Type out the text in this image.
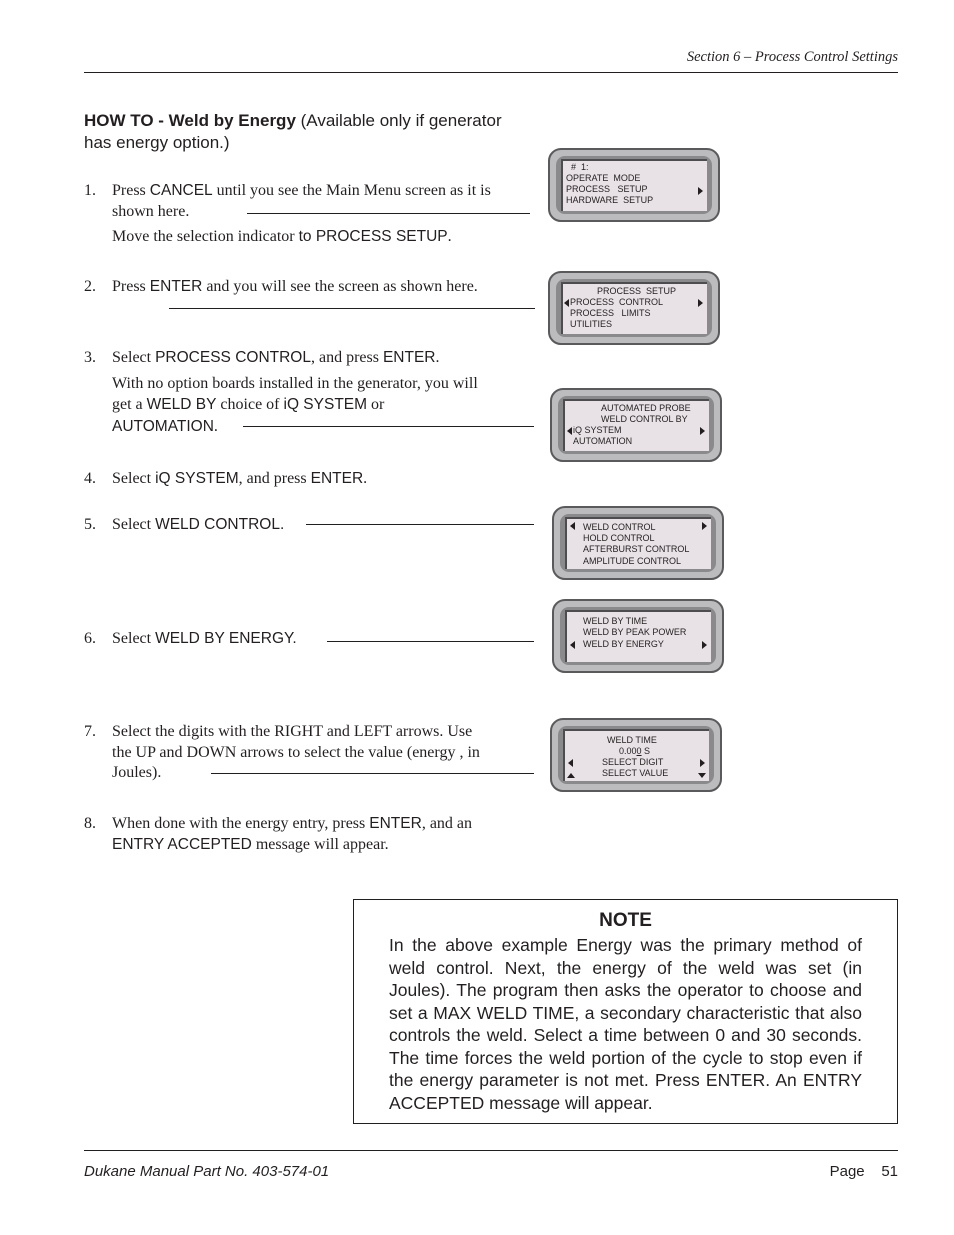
Section 6 – Process Control Settings
HOW TO - Weld by Energy (Available only if generator has energy option.)
1. Press CANCEL until you see the Main Menu screen as it is shown here.

Move the selection indicator to PROCESS SETUP.

2. Press ENTER and you will see the screen as shown here.

3. Select PROCESS CONTROL, and press ENTER.

With no option boards installed in the generator, you will get a WELD BY choice of iQ SYSTEM or AUTOMATION.

4. Select iQ SYSTEM, and press ENTER.

5. Select WELD CONTROL.

6. Select WELD BY ENERGY.

7. Select the digits with the RIGHT and LEFT arrows. Use the UP and DOWN arrows to select the value (energy , in Joules).

8. When done with the energy entry, press ENTER, and an ENTRY ACCEPTED message will appear.

#  1:
OPERATE  MODE
PROCESS   SETUP
HARDWARE  SETUP
PROCESS  SETUP
PROCESS  CONTROL
PROCESS   LIMITS
UTILITIES
AUTOMATED PROBE
WELD CONTROL BY
iQ SYSTEM
AUTOMATION
WELD CONTROL
HOLD CONTROL
AFTERBURST CONTROL
AMPLITUDE CONTROL
WELD BY TIME
WELD BY PEAK POWER
WELD BY ENERGY
WELD TIME
0.000 S
SELECT DIGIT
SELECT VALUE
NOTE
In the above example Energy was the primary method of weld control. Next, the energy of the weld was set (in Joules). The program then asks the operator to choose and set a MAX WELD TIME, a secondary characteristic that also controls the weld. Select a time between 0 and 30 seconds. The time forces the weld portion of the cycle to stop even if the energy parameter is not met. Press ENTER. An ENTRY ACCEPTED message will appear.
Dukane Manual Part No. 403-574-01	Page 51
